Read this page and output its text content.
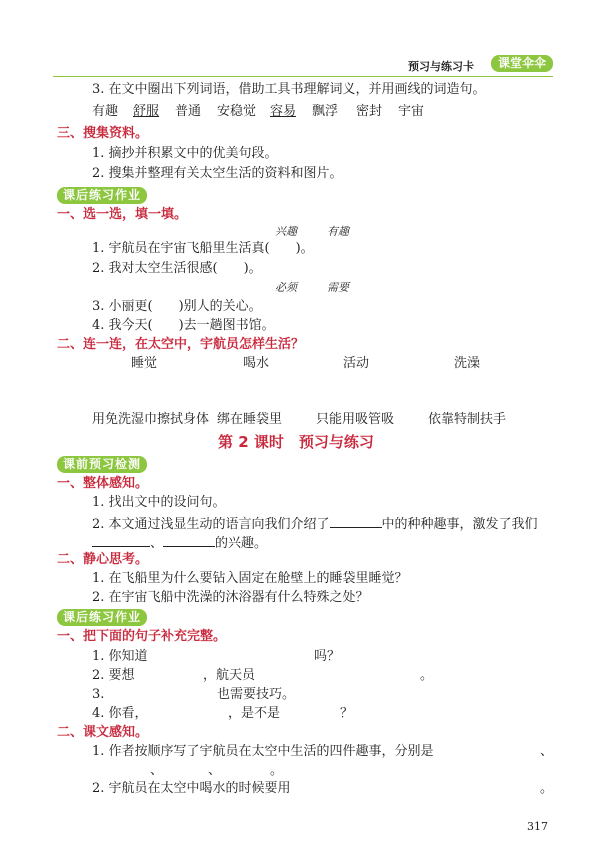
预习与练习卡	课堂伞伞
3. 在文中圈出下列词语，借助工具书理解词义，并用画线的词造句。
有趣 舒服 普通 安稳觉 容易 飘浮 密封 宇宙
三、搜集资料。
1. 摘抄并积累文中的优美句段。
2. 搜集并整理有关太空生活的资料和图片。
课后练习作业
一、选一选，填一填。
兴趣	有趣
1. 宇航员在宇宙飞船里生活真(　　)。
2. 我对太空生活很感(　　)。
必须	需要
3. 小丽更(　　)别人的关心。
4. 我今天(　　)去一趟图书馆。
二、连一连，在太空中，宇航员怎样生活？
睡觉	喝水	活动	洗澡
用免洗湿巾擦拭身体 绑在睡袋里	只能用吸管吸	依靠特制扶手
第 2 课时　预习与练习
课前预习检测
一、整体感知。
1. 找出文中的设问句。
2. 本文通过浅显生动的语言向我们介绍了	中的种种趣事，激发了我们
、	的兴趣。
二、静心思考。
1. 在飞船里为什么要钻入固定在舱壁上的睡袋里睡觉？
2. 在宇宙飞船中洗澡的沐浴器有什么特殊之处？
课后练习作业
一、把下面的句子补充完整。
1. 你知道	吗？
2. 要想	，航天员	。
3.	也需要技巧。
4. 你看，	，是不是	？
二、课文感知。
1. 作者按顺序写了宇航员在太空中生活的四件趣事，分别是	、
、	、	。
2. 宇航员在太空中喝水的时候要用	。
317
